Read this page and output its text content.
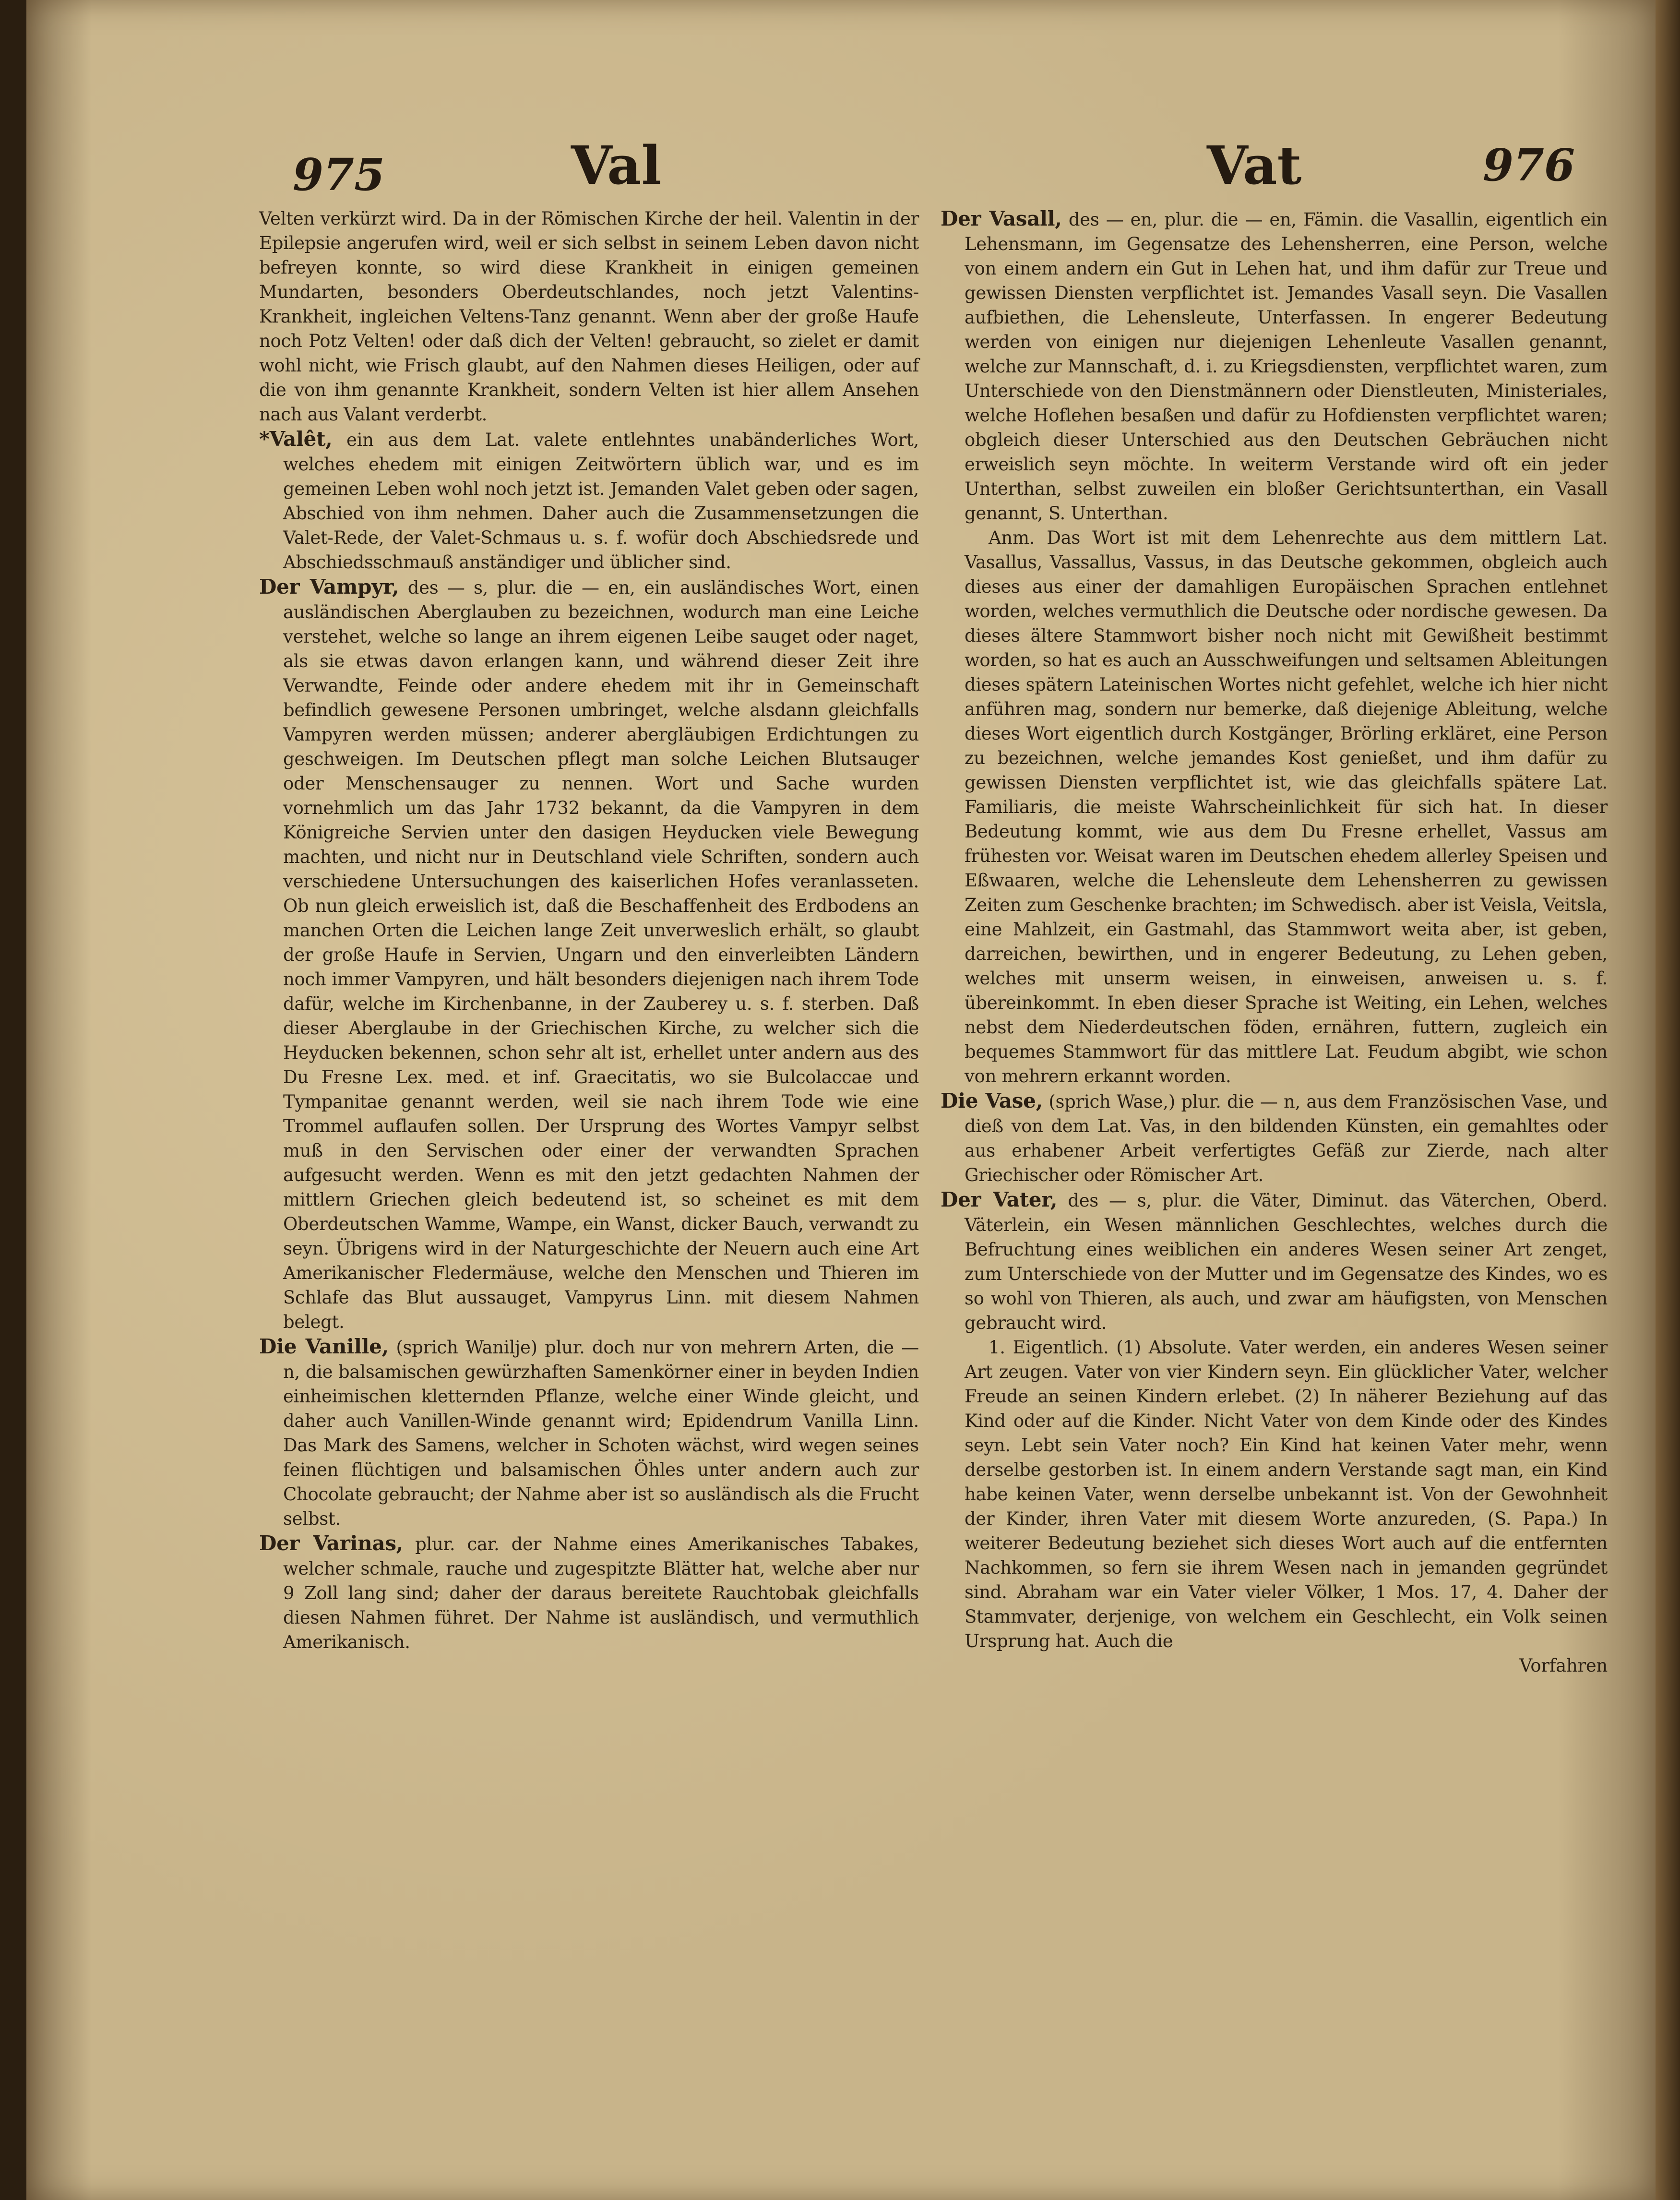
975	Val	Vat	976

Velten verkürzt wird. Da in der Römischen Kirche der heil. Valentin in der Epilepsie angerufen wird, weil er sich selbst in seinem Leben davon nicht befreyen konnte, so wird diese Krankheit in einigen gemeinen Mundarten, besonders Oberdeutschlandes, noch jetzt Valentins-Krankheit, ingleichen Veltens-Tanz genannt. Wenn aber der große Haufe noch Potz Velten! oder daß dich der Velten! gebraucht, so zielet er damit wohl nicht, wie Frisch glaubt, auf den Nahmen dieses Heiligen, oder auf die von ihm genannte Krankheit, sondern Velten ist hier allem Ansehen nach aus Valant verderbt.

*Valêt, ein aus dem Lat. valete entlehntes unabänderliches Wort, welches ehedem mit einigen Zeitwörtern üblich war, und es im gemeinen Leben wohl noch jetzt ist. Jemanden Valet geben oder sagen, Abschied von ihm nehmen. Daher auch die Zusammensetzungen die Valet-Rede, der Valet-Schmaus u. s. f. wofür doch Abschiedsrede und Abschiedsschmauß anständiger und üblicher sind.

Der Vampyr, des — s, plur. die — en, ein ausländisches Wort, einen ausländischen Aberglauben zu bezeichnen, wodurch man eine Leiche verstehet, welche so lange an ihrem eigenen Leibe sauget oder naget, als sie etwas davon erlangen kann, und während dieser Zeit ihre Verwandte, Feinde oder andere ehedem mit ihr in Gemeinschaft befindlich gewesene Personen umbringet, welche alsdann gleichfalls Vampyren werden müssen; anderer abergläubigen Erdichtungen zu geschweigen. Im Deutschen pflegt man solche Leichen Blutsauger oder Menschensauger zu nennen. Wort und Sache wurden vornehmlich um das Jahr 1732 bekannt, da die Vampyren in dem Königreiche Servien unter den dasigen Heyducken viele Bewegung machten, und nicht nur in Deutschland viele Schriften, sondern auch verschiedene Untersuchungen des kaiserlichen Hofes veranlasseten. Ob nun gleich erweislich ist, daß die Beschaffenheit des Erdbodens an manchen Orten die Leichen lange Zeit unverweslich erhält, so glaubt der große Haufe in Servien, Ungarn und den einverleibten Ländern noch immer Vampyren, und hält besonders diejenigen nach ihrem Tode dafür, welche im Kirchenbanne, in der Zauberey u. s. f. sterben. Daß dieser Aberglaube in der Griechischen Kirche, zu welcher sich die Heyducken bekennen, schon sehr alt ist, erhellet unter andern aus des Du Fresne Lex. med. et inf. Graecitatis, wo sie Bulcolaccae und Tympanitae genannt werden, weil sie nach ihrem Tode wie eine Trommel auflaufen sollen. Der Ursprung des Wortes Vampyr selbst muß in den Servischen oder einer der verwandten Sprachen aufgesucht werden. Wenn es mit den jetzt gedachten Nahmen der mittlern Griechen gleich bedeutend ist, so scheinet es mit dem Oberdeutschen Wamme, Wampe, ein Wanst, dicker Bauch, verwandt zu seyn. Übrigens wird in der Naturgeschichte der Neuern auch eine Art Amerikanischer Fledermäuse, welche den Menschen und Thieren im Schlafe das Blut aussauget, Vampyrus Linn. mit diesem Nahmen belegt.

Die Vanille, (sprich Wanilje) plur. doch nur von mehrern Arten, die — n, die balsamischen gewürzhaften Samenkörner einer in beyden Indien einheimischen kletternden Pflanze, welche einer Winde gleicht, und daher auch Vanillen-Winde genannt wird; Epidendrum Vanilla Linn. Das Mark des Samens, welcher in Schoten wächst, wird wegen seines feinen flüchtigen und balsamischen Öhles unter andern auch zur Chocolate gebraucht; der Nahme aber ist so ausländisch als die Frucht selbst.

Der Varinas, plur. car. der Nahme eines Amerikanisches Tabakes, welcher schmale, rauche und zugespitzte Blätter hat, welche aber nur 9 Zoll lang sind; daher der daraus bereitete Rauchtobak gleichfalls diesen Nahmen führet. Der Nahme ist ausländisch, und vermuthlich Amerikanisch.

Der Vasall, des — en, plur. die — en, Fämin. die Vasallin, eigentlich ein Lehensmann, im Gegensatze des Lehensherren, eine Person, welche von einem andern ein Gut in Lehen hat, und ihm dafür zur Treue und gewissen Diensten verpflichtet ist. Jemandes Vasall seyn. Die Vasallen aufbiethen, die Lehensleute, Unterfassen. In engerer Bedeutung werden von einigen nur diejenigen Lehenleute Vasallen genannt, welche zur Mannschaft, d. i. zu Kriegsdiensten, verpflichtet waren, zum Unterschiede von den Dienstmännern oder Dienstleuten, Ministeriales, welche Hoflehen besaßen und dafür zu Hofdiensten verpflichtet waren; obgleich dieser Unterschied aus den Deutschen Gebräuchen nicht erweislich seyn möchte. In weiterm Verstande wird oft ein jeder Unterthan, selbst zuweilen ein bloßer Gerichtsunterthan, ein Vasall genannt, S. Unterthan.

Anm. Das Wort ist mit dem Lehenrechte aus dem mittlern Lat. Vasallus, Vassallus, Vassus, in das Deutsche gekommen, obgleich auch dieses aus einer der damahligen Europäischen Sprachen entlehnet worden, welches vermuthlich die Deutsche oder nordische gewesen. Da dieses ältere Stammwort bisher noch nicht mit Gewißheit bestimmt worden, so hat es auch an Ausschweifungen und seltsamen Ableitungen dieses spätern Lateinischen Wortes nicht gefehlet, welche ich hier nicht anführen mag, sondern nur bemerke, daß diejenige Ableitung, welche dieses Wort eigentlich durch Kostgänger, Brörling erkläret, eine Person zu bezeichnen, welche jemandes Kost genießet, und ihm dafür zu gewissen Diensten verpflichtet ist, wie das gleichfalls spätere Lat. Familiaris, die meiste Wahrscheinlichkeit für sich hat. In dieser Bedeutung kommt, wie aus dem Du Fresne erhellet, Vassus am frühesten vor. Weisat waren im Deutschen ehedem allerley Speisen und Eßwaaren, welche die Lehensleute dem Lehensherren zu gewissen Zeiten zum Geschenke brachten; im Schwedisch. aber ist Veisla, Veitsla, eine Mahlzeit, ein Gastmahl, das Stammwort weita aber, ist geben, darreichen, bewirthen, und in engerer Bedeutung, zu Lehen geben, welches mit unserm weisen, in einweisen, anweisen u. s. f. übereinkommt. In eben dieser Sprache ist Weiting, ein Lehen, welches nebst dem Niederdeutschen föden, ernähren, futtern, zugleich ein bequemes Stammwort für das mittlere Lat. Feudum abgibt, wie schon von mehrern erkannt worden.

Die Vase, (sprich Wase,) plur. die — n, aus dem Französischen Vase, und dieß von dem Lat. Vas, in den bildenden Künsten, ein gemahltes oder aus erhabener Arbeit verfertigtes Gefäß zur Zierde, nach alter Griechischer oder Römischer Art.

Der Vater, des — s, plur. die Väter, Diminut. das Väterchen, Oberd. Väterlein, ein Wesen männlichen Geschlechtes, welches durch die Befruchtung eines weiblichen ein anderes Wesen seiner Art zenget, zum Unterschiede von der Mutter und im Gegensatze des Kindes, wo es so wohl von Thieren, als auch, und zwar am häufigsten, von Menschen gebraucht wird.

1. Eigentlich. (1) Absolute. Vater werden, ein anderes Wesen seiner Art zeugen. Vater von vier Kindern seyn. Ein glücklicher Vater, welcher Freude an seinen Kindern erlebet. (2) In näherer Beziehung auf das Kind oder auf die Kinder. Nicht Vater von dem Kinde oder des Kindes seyn. Lebt sein Vater noch? Ein Kind hat keinen Vater mehr, wenn derselbe gestorben ist. In einem andern Verstande sagt man, ein Kind habe keinen Vater, wenn derselbe unbekannt ist. Von der Gewohnheit der Kinder, ihren Vater mit diesem Worte anzureden, (S. Papa.) In weiterer Bedeutung beziehet sich dieses Wort auch auf die entfernten Nachkommen, so fern sie ihrem Wesen nach in jemanden gegründet sind. Abraham war ein Vater vieler Völker, 1 Mos. 17, 4. Daher der Stammvater, derjenige, von welchem ein Geschlecht, ein Volk seinen Ursprung hat. Auch die

Vorfahren
